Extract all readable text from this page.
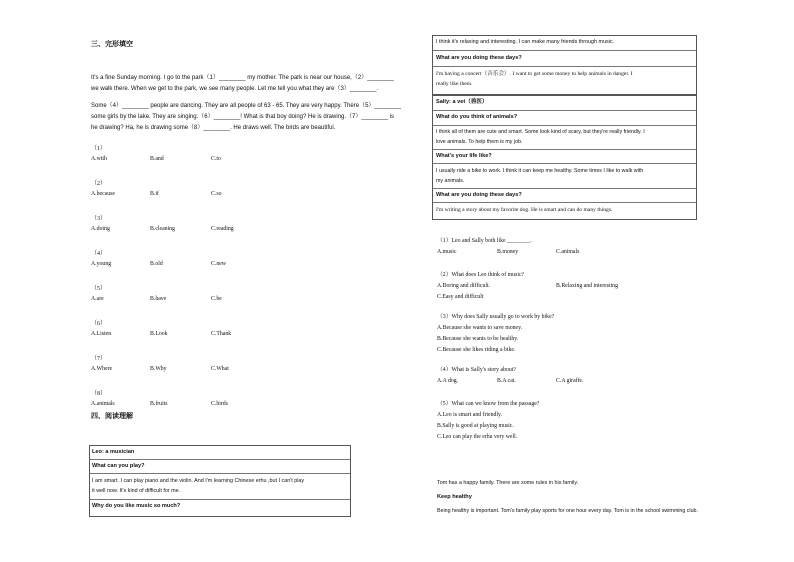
三、完形填空
It's a fine Sunday morning. I go to the park（1）________ my mother. The park is near our house,（2）________
we walk there. When we get to the park, we see many people. Let me tell you what they are（3）________.
Some（4）________ people are dancing. They are all people of 63 - 65. They are very happy. There（5）________
some girls by the lake. They are singing.（6）________! What is that boy doing? He is drawing.（7）________ is
he drawing? Ha, he is drawing some（8）________. He draws well. The birds are beautiful.
（1）
A.with	B.and	C.to
（2）
A.because	B.if	C.so
（3）
A.doing	B.cleaning	C.reading
（4）
A.young	B.old	C.new
（5）
A.are	B.have	C.be
（6）
A.Listen	B.Look	C.Thank
（7）
A.Where	B.Why	C.What
（8）
A.animals	B.fruits	C.birds
四、阅读理解
Leo: a musician
What can you play?
I am smart. I can play piano and the violin. And I'm learning Chinese erhu ,but I can't play
it well now. It's kind of difficult for me.
Why do you like music so much?
I think it's relaxing and interesting. I can make many friends through music.
What are you doing these days?
I'm having a concert（音乐会）. I want to get some money to help animals in danger. I
really like them.
Sally: a vet（兽医）
What do you think of animals?
I think all of them are cute and smart. Some look kind of scary, but they're really friendly. I
love animals. To help them is my job.
What's your life like?
I usually ride a bike to work. I think it can keep me healthy. Some times I like to walk with
my animals.
What are you doing these days?
I'm writing a story about my favorite dog. He is smart and can do many things.
（1）Leo and Sally both like ________.
A.music	B.money	C.animals
（2）What does Leo think of music?
A.Boring and difficult.	B.Relaxing and interesting
C.Easy and difficult
（3）Why does Sally usually go to work by bike?
A.Because she wants to save money.
B.Because she wants to be healthy.
C.Because she likes riding a bike.
（4）What is Sally's story about?
A.A dog.	B.A cat.	C.A giraffe.
（5）What can we know from the passage?
A.Leo is smart and friendly.
B.Sally is good at playing music.
C.Leo can play the erhu very well.
Tom has a happy family. There are some rules in his family.
Keep healthy
Being healthy is important. Tom's family play sports for one hour every day. Tom is in the school swimming club.
